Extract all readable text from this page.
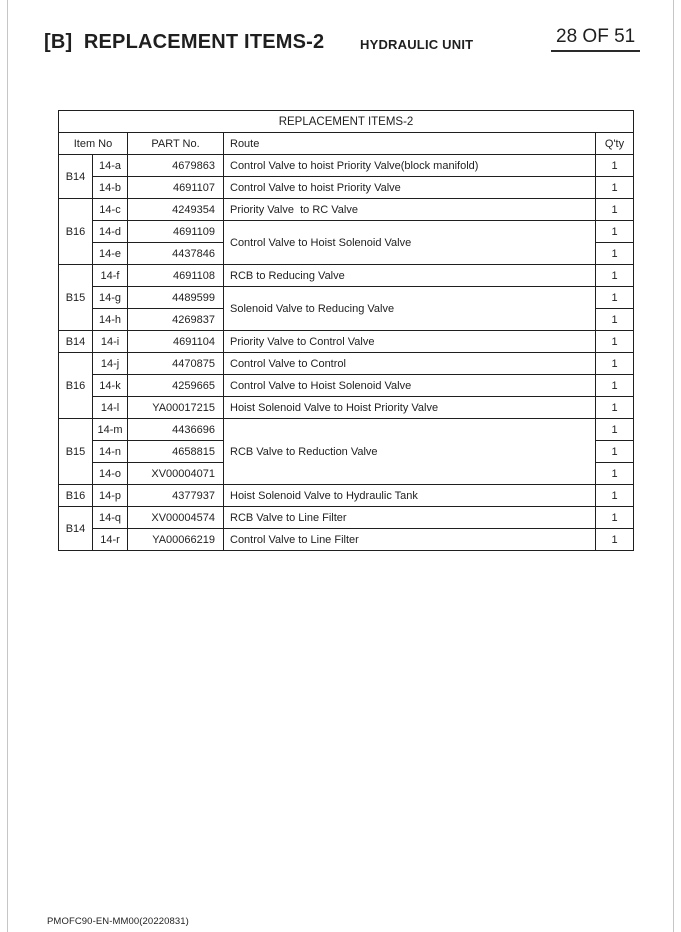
[B]  REPLACEMENT ITEMS-2	HYDRAULIC UNIT	28 OF 51
REPLACEMENT ITEMS-2				
Item No		PART No.	Route	Q'ty
B14	14-a	4679863	Control Valve to hoist Priority Valve(block manifold)	1
	14-b	4691107	Control Valve to hoist Priority Valve	1
B16	14-c	4249354	Priority Valve  to RC Valve	1
	14-d	4691109	Control Valve to Hoist Solenoid Valve	1
	14-e	4437846		1
B15	14-f	4691108	RCB to Reducing Valve	1
	14-g	4489599	Solenoid Valve to Reducing Valve	1
	14-h	4269837		1
B14	14-i	4691104	Priority Valve to Control Valve	1
B16	14-j	4470875	Control Valve to Control	1
	14-k	4259665	Control Valve to Hoist Solenoid Valve	1
	14-l	YA00017215	Hoist Solenoid Valve to Hoist Priority Valve	1
B15	14-m	4436696	RCB Valve to Reduction Valve	1
	14-n	4658815		1
	14-o	XV00004071		1
B16	14-p	4377937	Hoist Solenoid Valve to Hydraulic Tank	1
B14	14-q	XV00004574	RCB Valve to Line Filter	1
	14-r	YA00066219	Control Valve to Line Filter	1
PMOFC90-EN-MM00(20220831)
